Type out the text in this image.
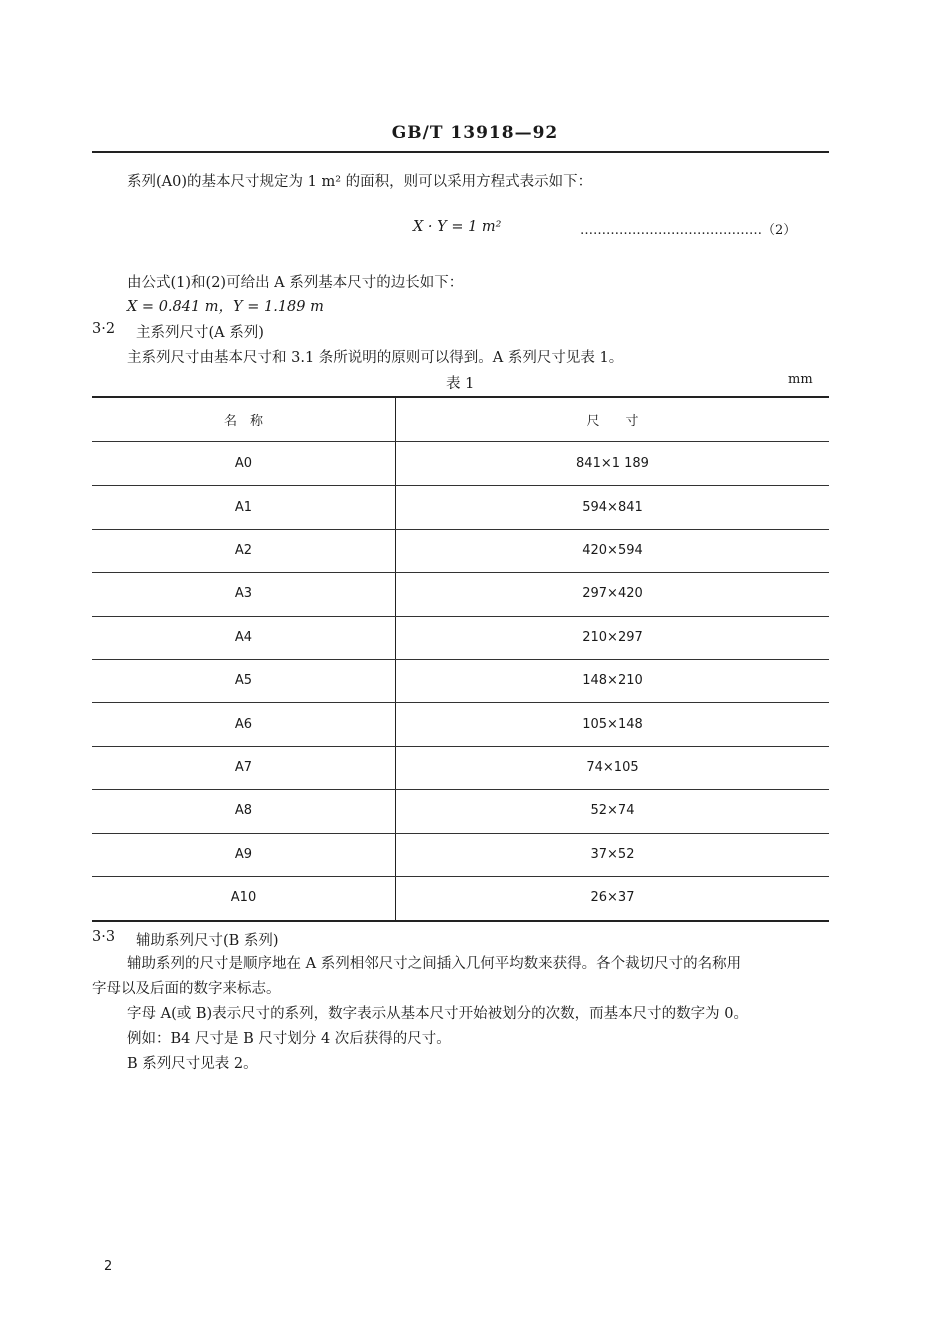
GB/T 13918—92
系列(A0)的基本尺寸规定为 1 m² 的面积，则可以采用方程式表示如下：
X · Y = 1 m²	……………………………………（2）
由公式(1)和(2)可给出 A 系列基本尺寸的边长如下：
X = 0.841 m，Y = 1.189 m
3·2 主系列尺寸(A 系列)
主系列尺寸由基本尺寸和 3.1 条所说明的原则可以得到。A 系列尺寸见表 1。
表 1	mm
名　称	尺　　寸
A0	841×1 189
A1	594×841
A2	420×594
A3	297×420
A4	210×297
A5	148×210
A6	105×148
A7	74×105
A8	52×74
A9	37×52
A10	26×37
3·3 辅助系列尺寸(B 系列)
辅助系列的尺寸是顺序地在 A 系列相邻尺寸之间插入几何平均数来获得。各个裁切尺寸的名称用
字母以及后面的数字来标志。
字母 A(或 B)表示尺寸的系列，数字表示从基本尺寸开始被划分的次数，而基本尺寸的数字为 0。
例如：B4 尺寸是 B 尺寸划分 4 次后获得的尺寸。
B 系列尺寸见表 2。
2
